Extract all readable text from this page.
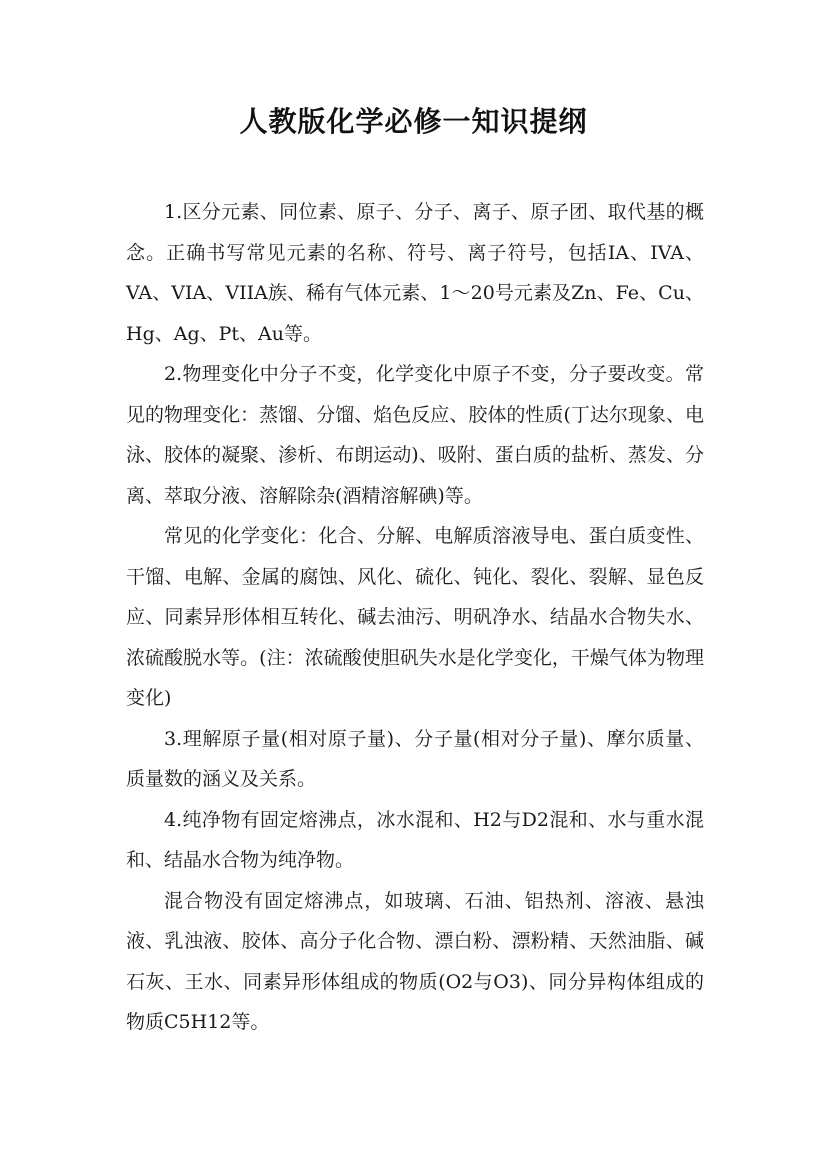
人教版化学必修一知识提纲

1.区分元素、同位素、原子、分子、离子、原子团、取代基的概念。正确书写常见元素的名称、符号、离子符号，包括IA、IVA、VA、VIA、VIIA族、稀有气体元素、1～20号元素及Zn、Fe、Cu、Hg、Ag、Pt、Au等。

2.物理变化中分子不变，化学变化中原子不变，分子要改变。常见的物理变化：蒸馏、分馏、焰色反应、胶体的性质(丁达尔现象、电泳、胶体的凝聚、渗析、布朗运动)、吸附、蛋白质的盐析、蒸发、分离、萃取分液、溶解除杂(酒精溶解碘)等。

常见的化学变化：化合、分解、电解质溶液导电、蛋白质变性、干馏、电解、金属的腐蚀、风化、硫化、钝化、裂化、裂解、显色反应、同素异形体相互转化、碱去油污、明矾净水、结晶水合物失水、浓硫酸脱水等。(注：浓硫酸使胆矾失水是化学变化，干燥气体为物理变化)

3.理解原子量(相对原子量)、分子量(相对分子量)、摩尔质量、质量数的涵义及关系。

4.纯净物有固定熔沸点，冰水混和、H2与D2混和、水与重水混和、结晶水合物为纯净物。

混合物没有固定熔沸点，如玻璃、石油、铝热剂、溶液、悬浊液、乳浊液、胶体、高分子化合物、漂白粉、漂粉精、天然油脂、碱石灰、王水、同素异形体组成的物质(O2与O3)、同分异构体组成的物质C5H12等。
